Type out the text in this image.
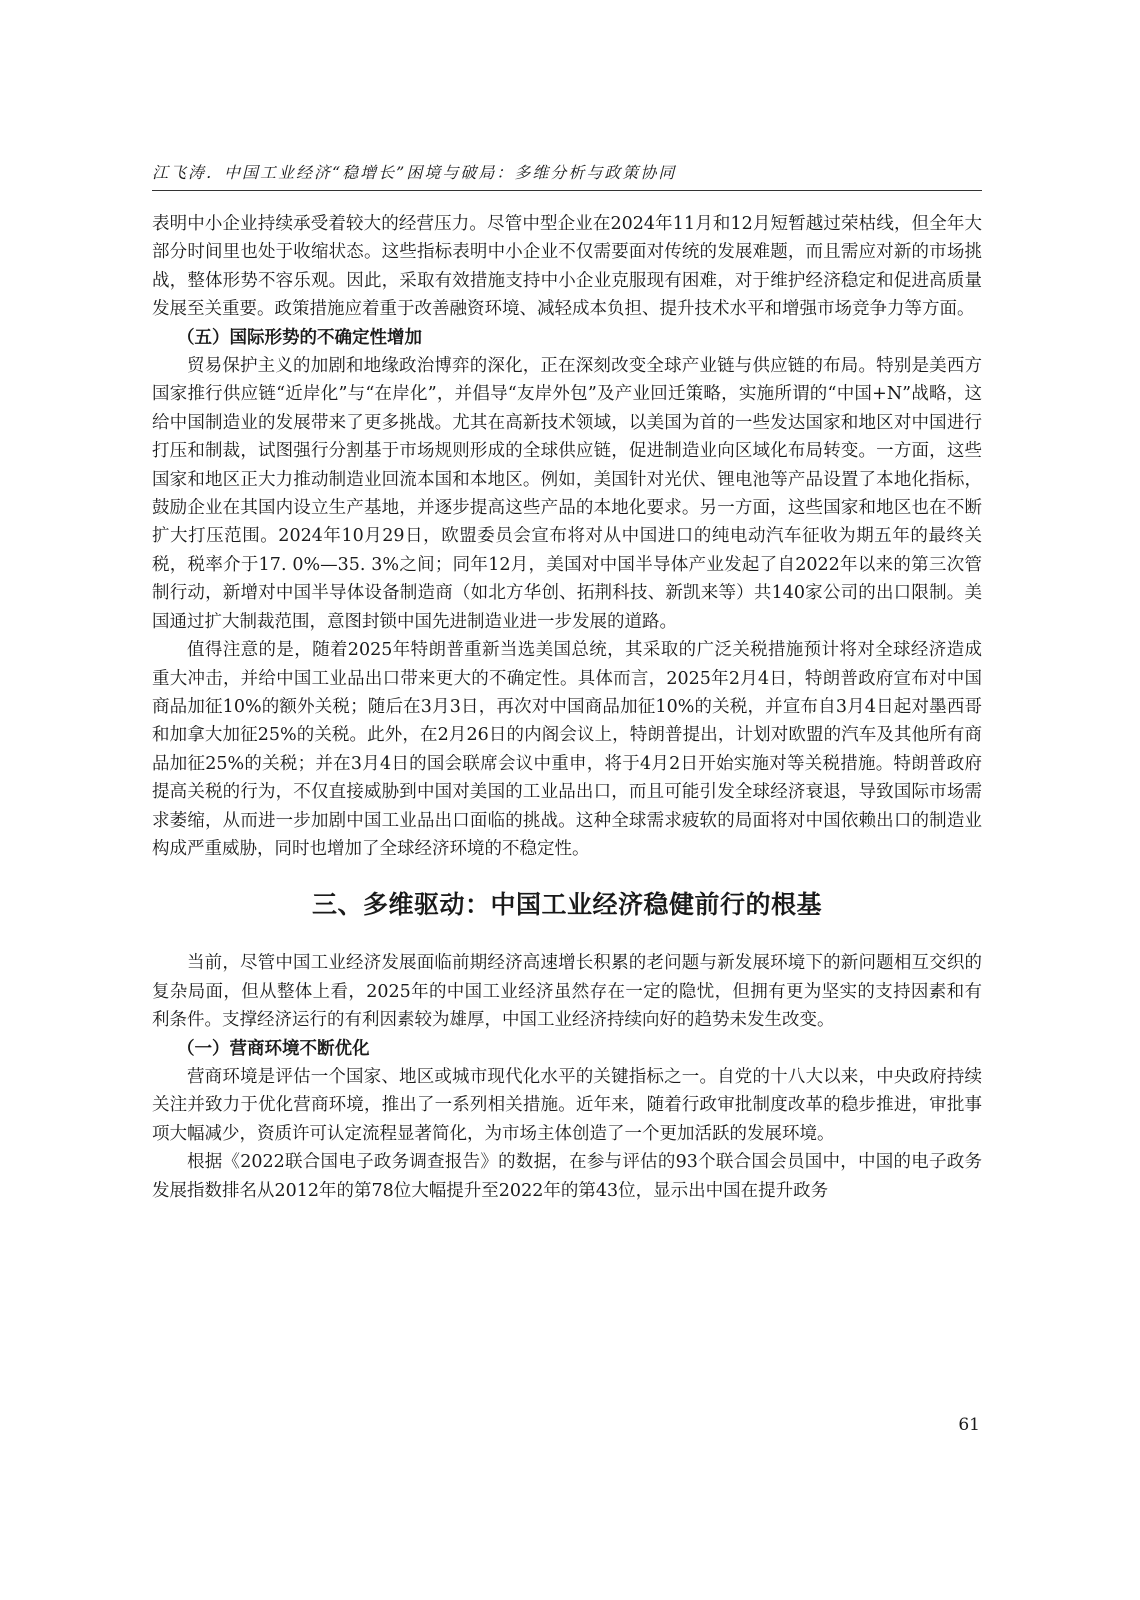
江飞涛．中国工业经济“稳增长”困境与破局：多维分析与政策协同

表明中小企业持续承受着较大的经营压力。尽管中型企业在2024年11月和12月短暂越过荣枯线，但全年大部分时间里也处于收缩状态。这些指标表明中小企业不仅需要面对传统的发展难题，而且需应对新的市场挑战，整体形势不容乐观。因此，采取有效措施支持中小企业克服现有困难，对于维护经济稳定和促进高质量发展至关重要。政策措施应着重于改善融资环境、减轻成本负担、提升技术水平和增强市场竞争力等方面。

（五）国际形势的不确定性增加

贸易保护主义的加剧和地缘政治博弈的深化，正在深刻改变全球产业链与供应链的布局。特别是美西方国家推行供应链“近岸化”与“在岸化”，并倡导“友岸外包”及产业回迁策略，实施所谓的“中国+N”战略，这给中国制造业的发展带来了更多挑战。尤其在高新技术领域，以美国为首的一些发达国家和地区对中国进行打压和制裁，试图强行分割基于市场规则形成的全球供应链，促进制造业向区域化布局转变。一方面，这些国家和地区正大力推动制造业回流本国和本地区。例如，美国针对光伏、锂电池等产品设置了本地化指标，鼓励企业在其国内设立生产基地，并逐步提高这些产品的本地化要求。另一方面，这些国家和地区也在不断扩大打压范围。2024年10月29日，欧盟委员会宣布将对从中国进口的纯电动汽车征收为期五年的最终关税，税率介于17. 0%—35. 3%之间；同年12月，美国对中国半导体产业发起了自2022年以来的第三次管制行动，新增对中国半导体设备制造商（如北方华创、拓荆科技、新凯来等）共140家公司的出口限制。美国通过扩大制裁范围，意图封锁中国先进制造业进一步发展的道路。

值得注意的是，随着2025年特朗普重新当选美国总统，其采取的广泛关税措施预计将对全球经济造成重大冲击，并给中国工业品出口带来更大的不确定性。具体而言，2025年2月4日，特朗普政府宣布对中国商品加征10%的额外关税；随后在3月3日，再次对中国商品加征10%的关税，并宣布自3月4日起对墨西哥和加拿大加征25%的关税。此外，在2月26日的内阁会议上，特朗普提出，计划对欧盟的汽车及其他所有商品加征25%的关税；并在3月4日的国会联席会议中重申，将于4月2日开始实施对等关税措施。特朗普政府提高关税的行为，不仅直接威胁到中国对美国的工业品出口，而且可能引发全球经济衰退，导致国际市场需求萎缩，从而进一步加剧中国工业品出口面临的挑战。这种全球需求疲软的局面将对中国依赖出口的制造业构成严重威胁，同时也增加了全球经济环境的不稳定性。

三、多维驱动：中国工业经济稳健前行的根基

当前，尽管中国工业经济发展面临前期经济高速增长积累的老问题与新发展环境下的新问题相互交织的复杂局面，但从整体上看，2025年的中国工业经济虽然存在一定的隐忧，但拥有更为坚实的支持因素和有利条件。支撑经济运行的有利因素较为雄厚，中国工业经济持续向好的趋势未发生改变。

（一）营商环境不断优化

营商环境是评估一个国家、地区或城市现代化水平的关键指标之一。自党的十八大以来，中央政府持续关注并致力于优化营商环境，推出了一系列相关措施。近年来，随着行政审批制度改革的稳步推进，审批事项大幅减少，资质许可认定流程显著简化，为市场主体创造了一个更加活跃的发展环境。

根据《2022联合国电子政务调查报告》的数据，在参与评估的93个联合国会员国中，中国的电子政务发展指数排名从2012年的第78位大幅提升至2022年的第43位，显示出中国在提升政务

61
